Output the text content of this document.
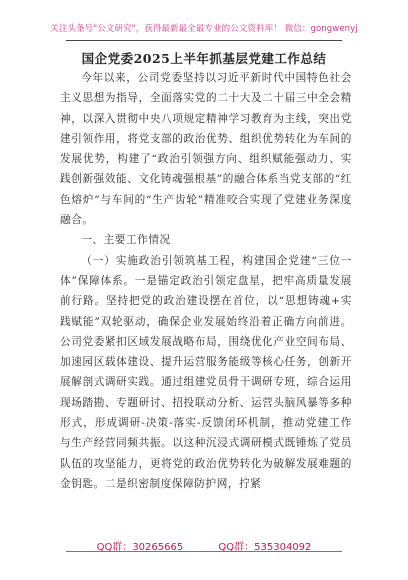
关注头条号"公文研究"，获得最新最全最专业的公文资料库！ 微信：gongwenyj
国企党委2025上半年抓基层党建工作总结

今年以来，公司党委坚持以习近平新时代中国特色社会主义思想为指导，全面落实党的二十大及二十届三中全会精神，以深入贯彻中央八项规定精神学习教育为主线，突出党建引领作用，将党支部的政治优势、组织优势转化为车间的发展优势，构建了“政治引领强方向、组织赋能强动力、实践创新强效能、文化铸魂强根基”的融合体系当党支部的“红色熔炉”与车间的“生产齿轮”精准咬合实现了党建业务深度融合。

一、主要工作情况

（一）实施政治引领筑基工程，构建国企党建“三位一体”保障体系。一是锚定政治引领定盘星，把牢高质量发展前行路。坚持把党的政治建设摆在首位，以“思想铸魂+实践赋能”双轮驱动，确保企业发展始终沿着正确方向前进。公司党委紧扣区域发展战略布局，围绕优化产业空间布局、加速园区载体建设、提升运营服务能级等核心任务，创新开展解剖式调研实践。通过组建党员骨干调研专班，综合运用现场踏勘、专题研讨、招投联动分析、运营头脑风暴等多种形式，形成调研-决策-落实-反馈闭环机制，推动党建工作与生产经营同频共振。以这种沉浸式调研模式既锤炼了党员队伍的攻坚能力，更将党的政治优势转化为破解发展难题的金钥匙。二是织密制度保障防护网，拧紧

QQ群：30265665	QQ群：535304092
